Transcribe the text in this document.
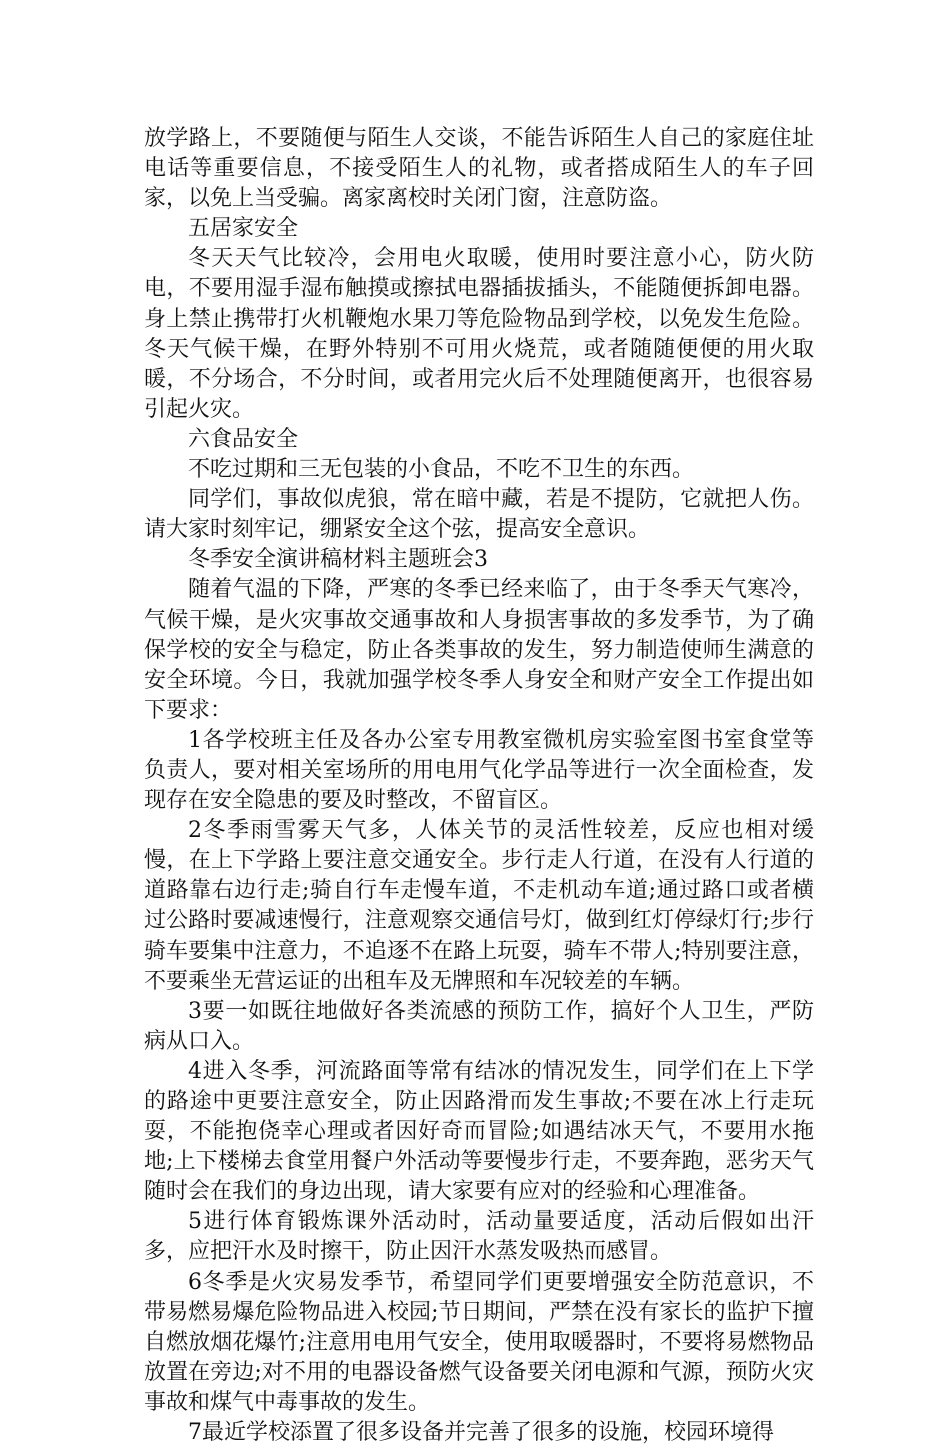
放学路上，不要随便与陌生人交谈，不能告诉陌生人自己的家庭住址电话等重要信息，不接受陌生人的礼物，或者搭成陌生人的车子回家，以免上当受骗。离家离校时关闭门窗，注意防盗。

五居家安全

冬天天气比较冷，会用电火取暖，使用时要注意小心，防火防电，不要用湿手湿布触摸或擦拭电器插拔插头，不能随便拆卸电器。身上禁止携带打火机鞭炮水果刀等危险物品到学校，以免发生危险。冬天气候干燥，在野外特别不可用火烧荒，或者随随便便的用火取暖，不分场合，不分时间，或者用完火后不处理随便离开，也很容易引起火灾。

六食品安全

不吃过期和三无包装的小食品，不吃不卫生的东西。

同学们，事故似虎狼，常在暗中藏，若是不提防，它就把人伤。请大家时刻牢记，绷紧安全这个弦，提高安全意识。

冬季安全演讲稿材料主题班会3

随着气温的下降，严寒的冬季已经来临了，由于冬季天气寒冷，气候干燥，是火灾事故交通事故和人身损害事故的多发季节，为了确保学校的安全与稳定，防止各类事故的发生，努力制造使师生满意的安全环境。今日，我就加强学校冬季人身安全和财产安全工作提出如下要求：

1各学校班主任及各办公室专用教室微机房实验室图书室食堂等负责人，要对相关室场所的用电用气化学品等进行一次全面检查，发现存在安全隐患的要及时整改，不留盲区。

2冬季雨雪雾天气多，人体关节的灵活性较差，反应也相对缓慢，在上下学路上要注意交通安全。步行走人行道，在没有人行道的道路靠右边行走;骑自行车走慢车道，不走机动车道;通过路口或者横过公路时要减速慢行，注意观察交通信号灯，做到红灯停绿灯行;步行骑车要集中注意力，不追逐不在路上玩耍，骑车不带人;特别要注意，不要乘坐无营运证的出租车及无牌照和车况较差的车辆。

3要一如既往地做好各类流感的预防工作，搞好个人卫生，严防病从口入。

4进入冬季，河流路面等常有结冰的情况发生，同学们在上下学的路途中更要注意安全，防止因路滑而发生事故;不要在冰上行走玩耍，不能抱侥幸心理或者因好奇而冒险;如遇结冰天气，不要用水拖地;上下楼梯去食堂用餐户外活动等要慢步行走，不要奔跑，恶劣天气随时会在我们的身边出现，请大家要有应对的经验和心理准备。

5进行体育锻炼课外活动时，活动量要适度，活动后假如出汗多，应把汗水及时擦干，防止因汗水蒸发吸热而感冒。

6冬季是火灾易发季节，希望同学们更要增强安全防范意识，不带易燃易爆危险物品进入校园;节日期间，严禁在没有家长的监护下擅自燃放烟花爆竹;注意用电用气安全，使用取暖器时，不要将易燃物品放置在旁边;对不用的电器设备燃气设备要关闭电源和气源，预防火灾事故和煤气中毒事故的发生。

7最近学校添置了很多设备并完善了很多的设施，校园环境得
